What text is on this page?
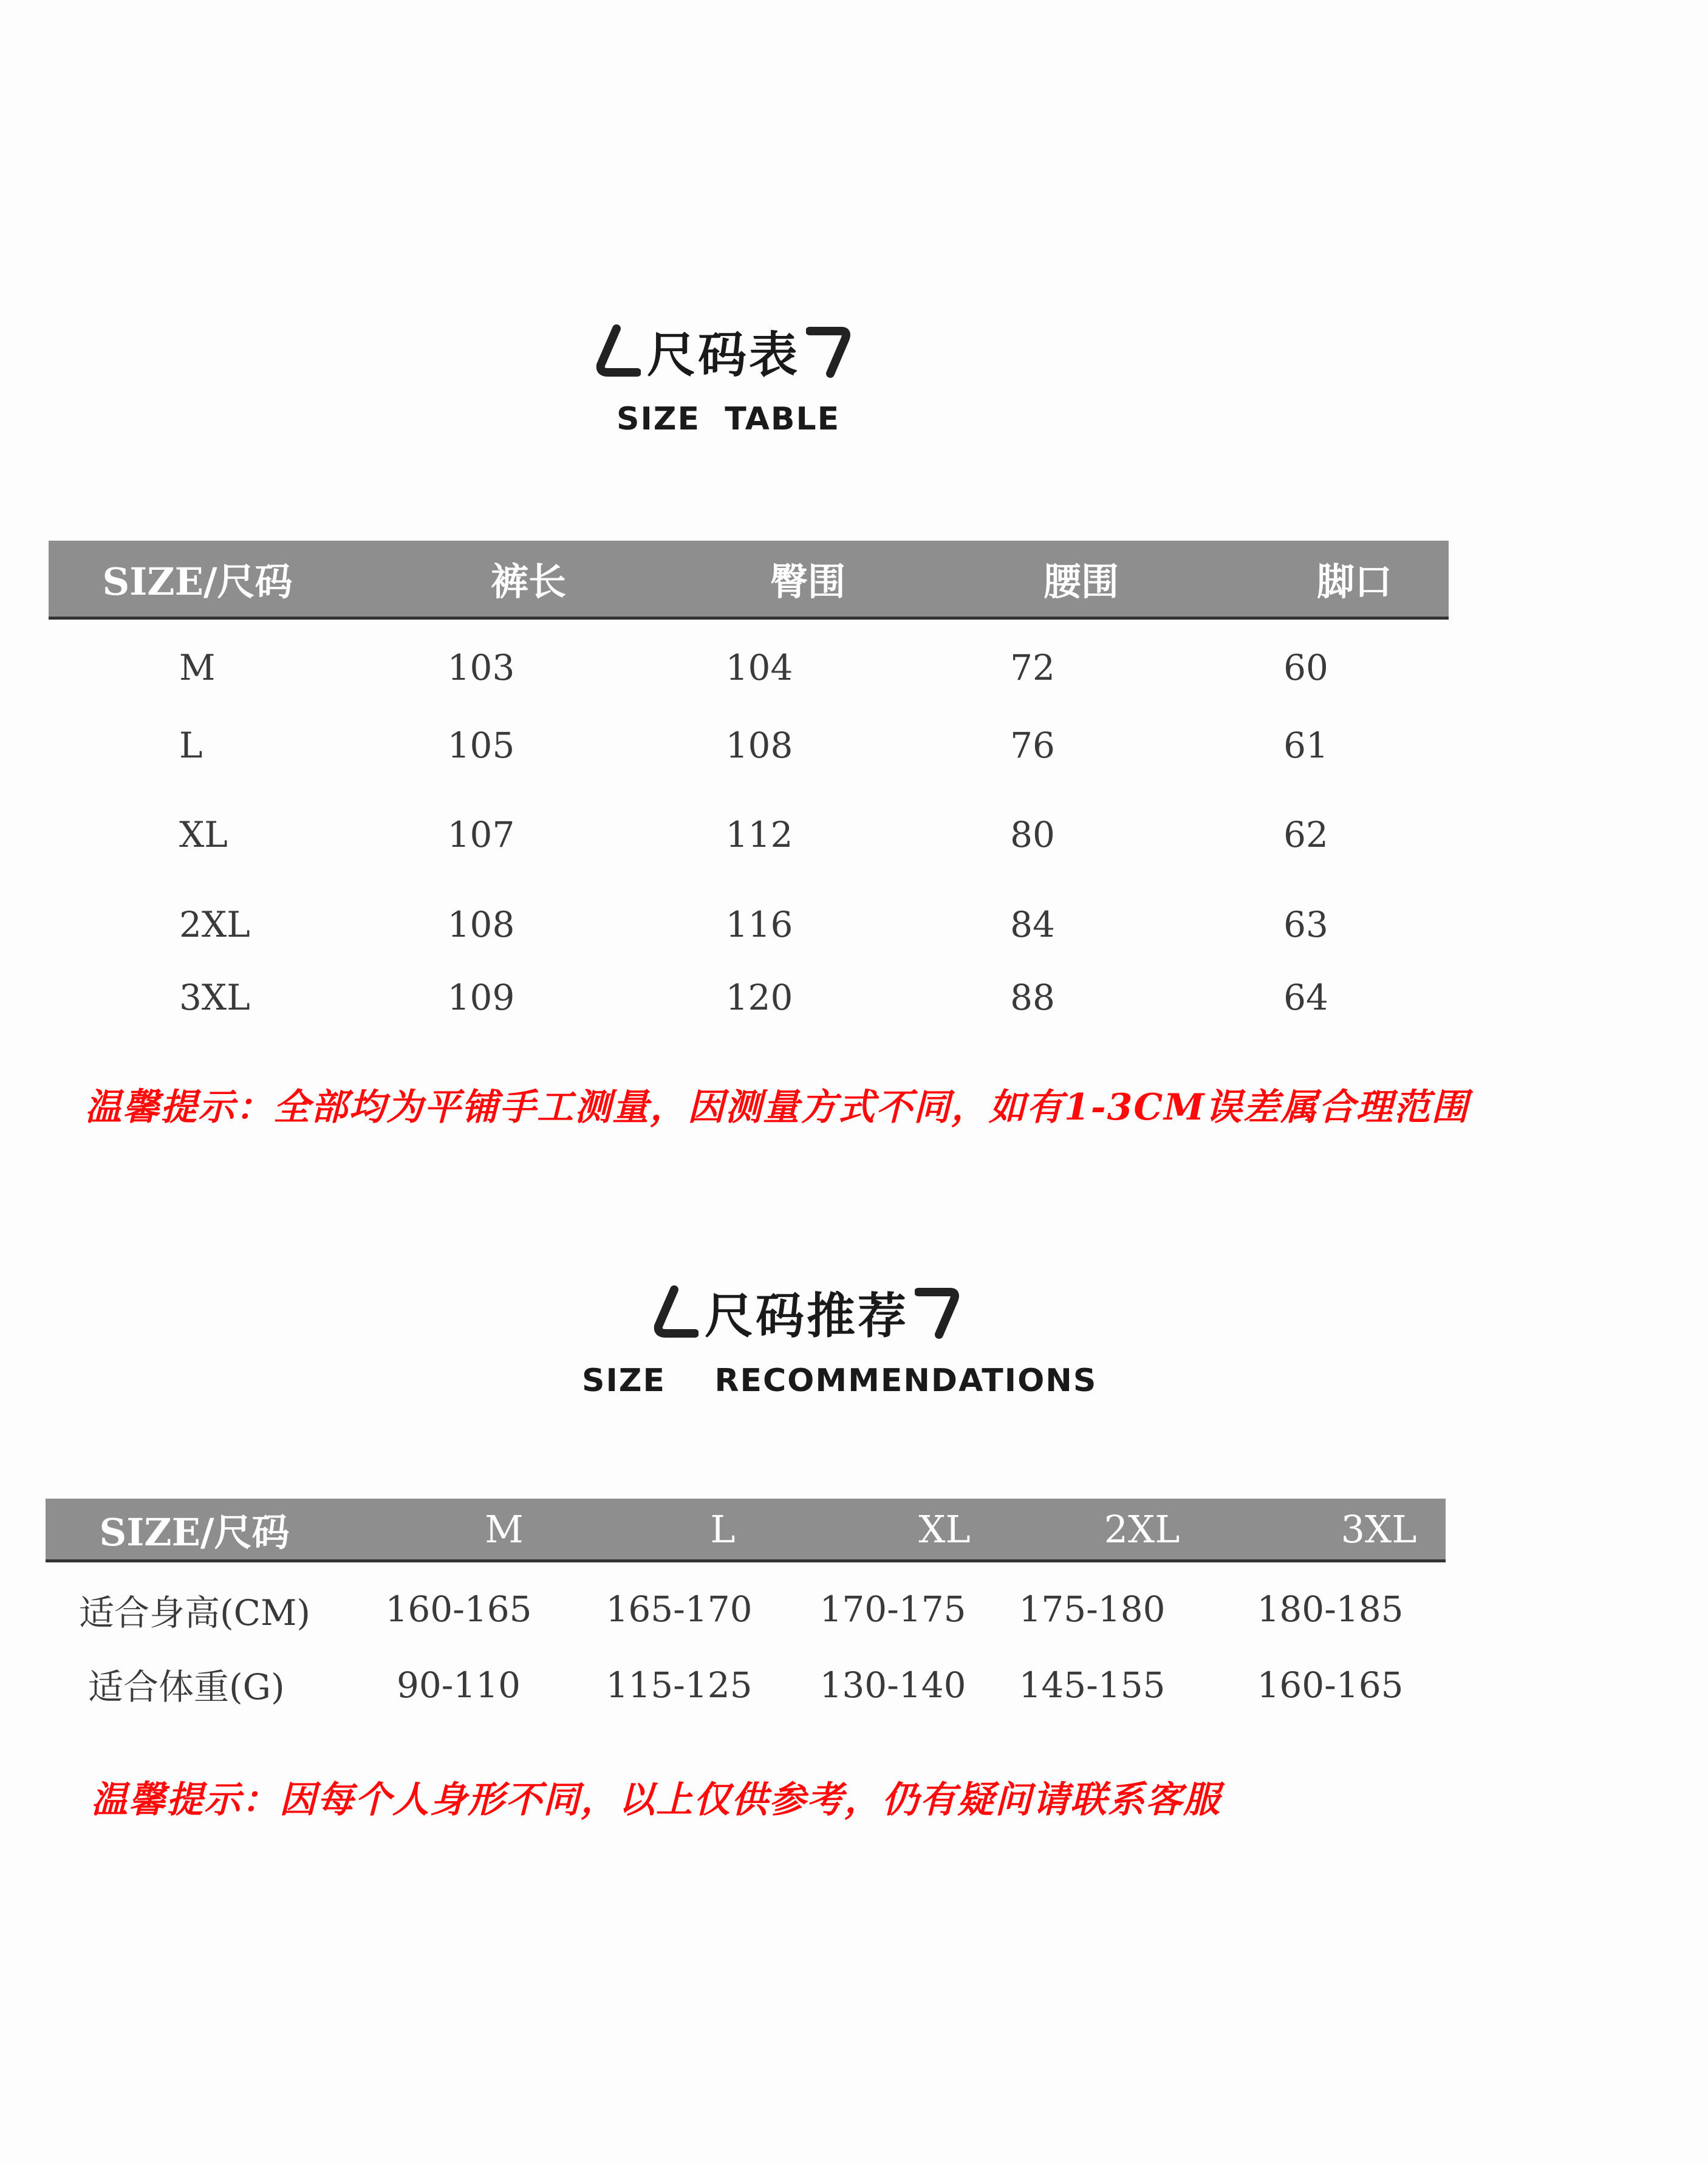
尺码表
SIZE  TABLE
SIZE/尺码	裤长	臀围	腰围	脚口
M	103	104	72	60
L	105	108	76	61
XL	107	112	80	62
2XL	108	116	84	63
3XL	109	120	88	64
温馨提示：全部均为平铺手工测量，因测量方式不同，如有1-3CM误差属合理范围
尺码推荐
SIZE    RECOMMENDATIONS
SIZE/尺码	M	L	XL	2XL	3XL
适合身高(CM) 160-165 165-170 170-175 175-180	180-185
适合体重(G)	90-110 115-125 130-140 145-155	160-165
温馨提示：因每个人身形不同，以上仅供参考，仍有疑问请联系客服
